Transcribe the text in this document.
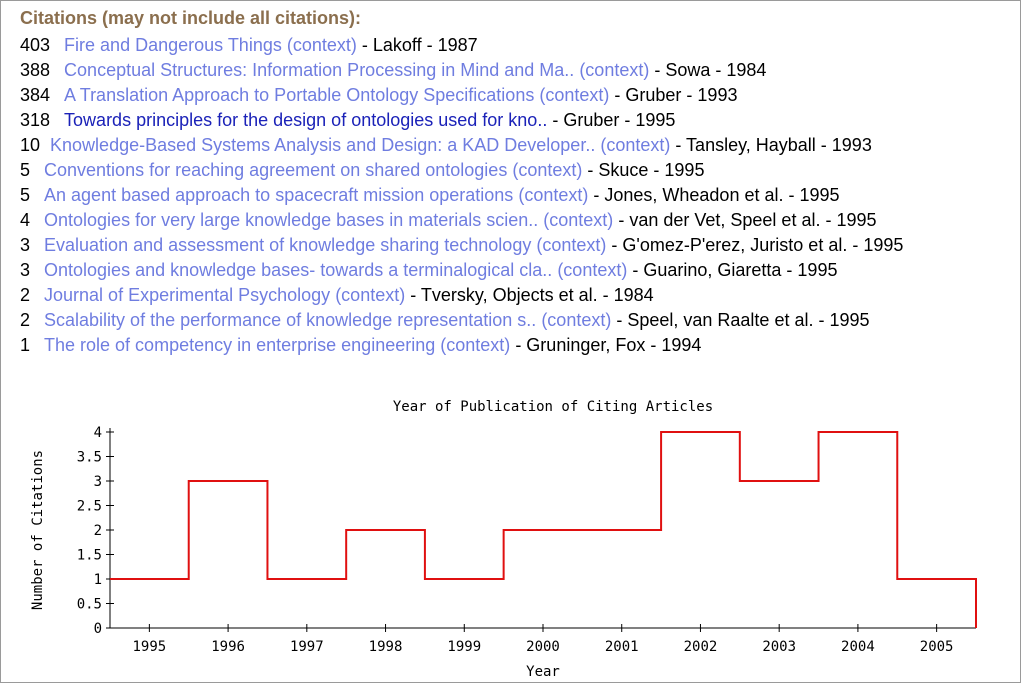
Citations (may not include all citations):
403 Fire and Dangerous Things (context) - Lakoff - 1987
388 Conceptual Structures: Information Processing in Mind and Ma.. (context) - Sowa - 1984
384 A Translation Approach to Portable Ontology Specifications (context) - Gruber - 1993
318 Towards principles for the design of ontologies used for kno.. - Gruber - 1995
10 Knowledge-Based Systems Analysis and Design: a KAD Developer.. (context) - Tansley, Hayball - 1993
5 Conventions for reaching agreement on shared ontologies (context) - Skuce - 1995
5 An agent based approach to spacecraft mission operations (context) - Jones, Wheadon et al. - 1995
4 Ontologies for very large knowledge bases in materials scien.. (context) - van der Vet, Speel et al. - 1995
3 Evaluation and assessment of knowledge sharing technology (context) - G'omez-P'erez, Juristo et al. - 1995
3 Ontologies and knowledge bases- towards a terminalogical cla.. (context) - Guarino, Giaretta - 1995
2 Journal of Experimental Psychology (context) - Tversky, Objects et al. - 1984
2 Scalability of the performance of knowledge representation s.. (context) - Speel, van Raalte et al. - 1995
1 The role of competency in enterprise engineering (context) - Gruninger, Fox - 1994
Year of Publication of Citing Articles
0
0.5
1
1.5
2
2.5
3
3.5
4
1995	1996	1997	1998	1999	2000	2001	2002	2003	2004	2005
Year
Number of Citations
